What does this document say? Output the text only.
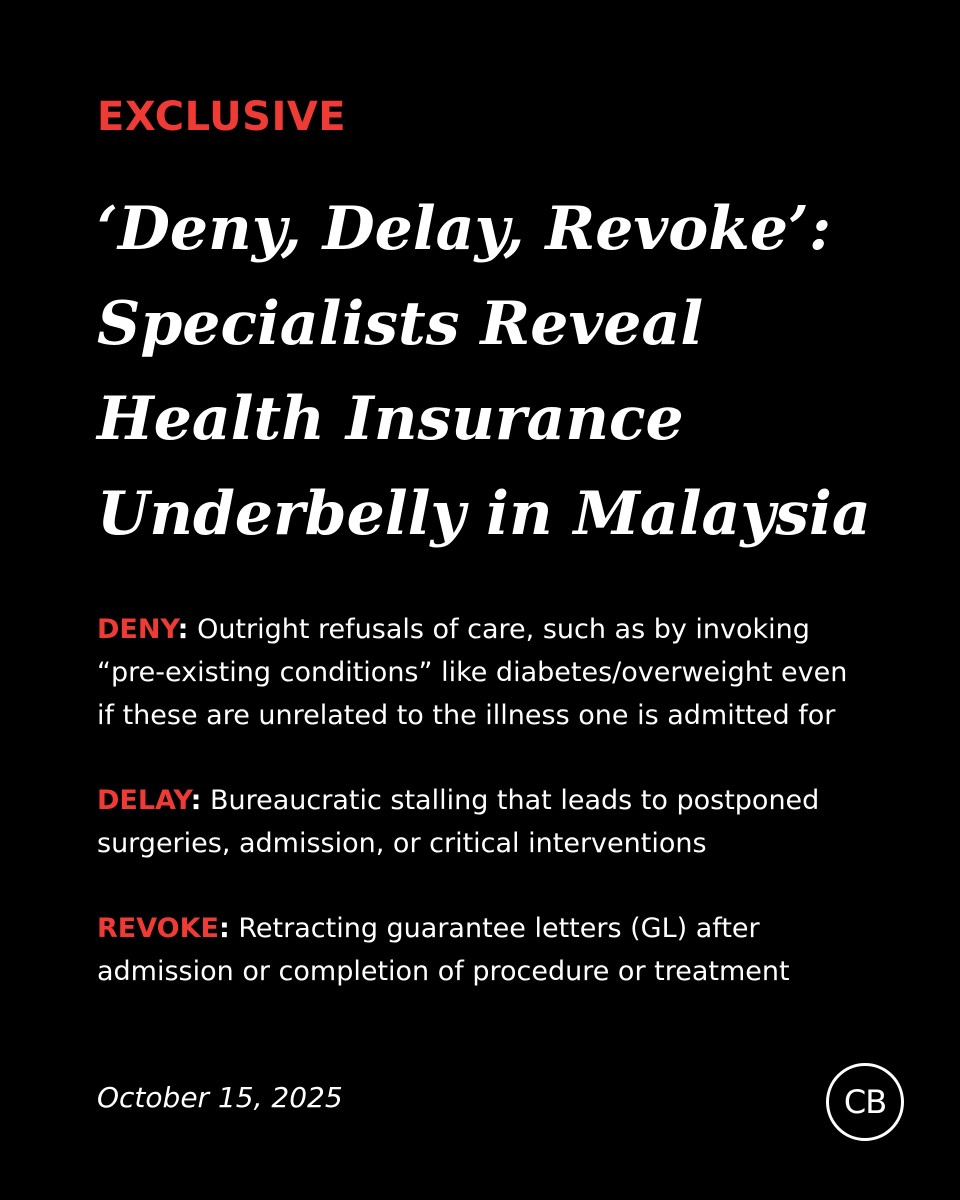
EXCLUSIVE
‘Deny, Delay, Revoke’:
Specialists Reveal
Health Insurance
Underbelly in Malaysia
DENY: Outright refusals of care, such as by invoking
“pre-existing conditions” like diabetes/overweight even
if these are unrelated to the illness one is admitted for
DELAY: Bureaucratic stalling that leads to postponed
surgeries, admission, or critical interventions
REVOKE: Retracting guarantee letters (GL) after
admission or completion of procedure or treatment
October 15, 2025	CB
